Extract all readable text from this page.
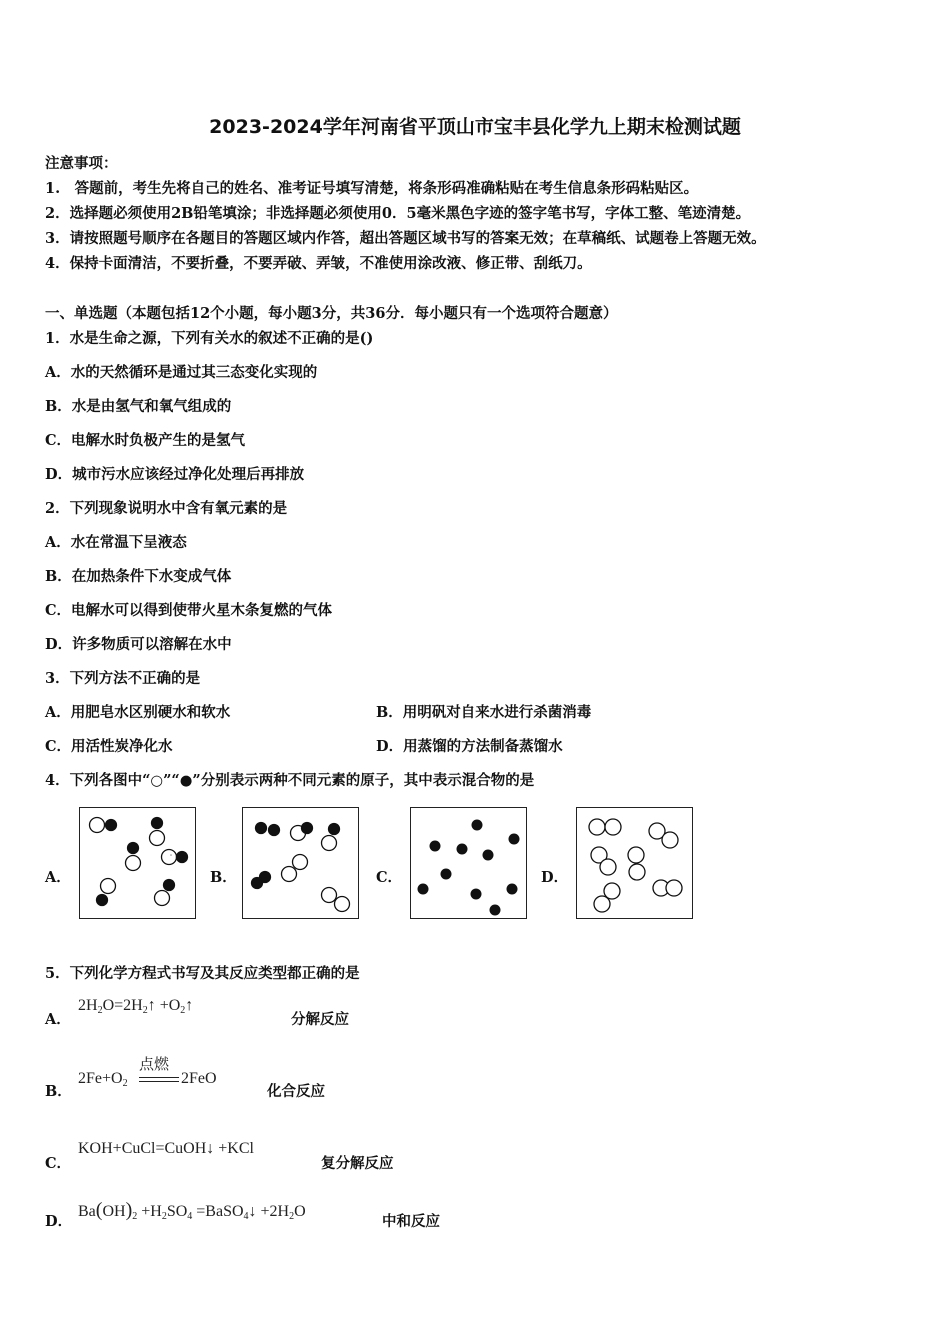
2023-2024学年河南省平顶山市宝丰县化学九上期末检测试题
注意事项：
1.　答题前，考生先将自己的姓名、准考证号填写清楚，将条形码准确粘贴在考生信息条形码粘贴区。
2．选择题必须使用2B铅笔填涂；非选择题必须使用0．5毫米黑色字迹的签字笔书写，字体工整、笔迹清楚。
3．请按照题号顺序在各题目的答题区域内作答，超出答题区域书写的答案无效；在草稿纸、试题卷上答题无效。
4．保持卡面清洁，不要折叠，不要弄破、弄皱，不准使用涂改液、修正带、刮纸刀。
一、单选题（本题包括12个小题，每小题3分，共36分．每小题只有一个选项符合题意）
1．水是生命之源，下列有关水的叙述不正确的是()
A．水的天然循环是通过其三态变化实现的
B．水是由氢气和氧气组成的
C．电解水时负极产生的是氢气
D．城市污水应该经过净化处理后再排放
2．下列现象说明水中含有氧元素的是
A．水在常温下呈液态
B．在加热条件下水变成气体
C．电解水可以得到使带火星木条复燃的气体
D．许多物质可以溶解在水中
3．下列方法不正确的是
A．用肥皂水区别硬水和软水	B．用明矾对自来水进行杀菌消毒
C．用活性炭净化水	D．用蒸馏的方法制备蒸馏水
4．下列各图中“○”“●”分别表示两种不同元素的原子，其中表示混合物的是
A．	B．	C．	D．
5．下列化学方程式书写及其反应类型都正确的是
A．
$2H_2O=2H_2↑$ $+O_2↑$
分解反应
B．
$2Fe+O_2$
点燃
2FeO
化合反应
C．
KOH+CuCl=CuOH↓ +KCl
复分解反应
D．
$Ba(OH)_2 +H_2SO_4$ =BaSO$_4$↓ $+2H_2O$
中和反应
